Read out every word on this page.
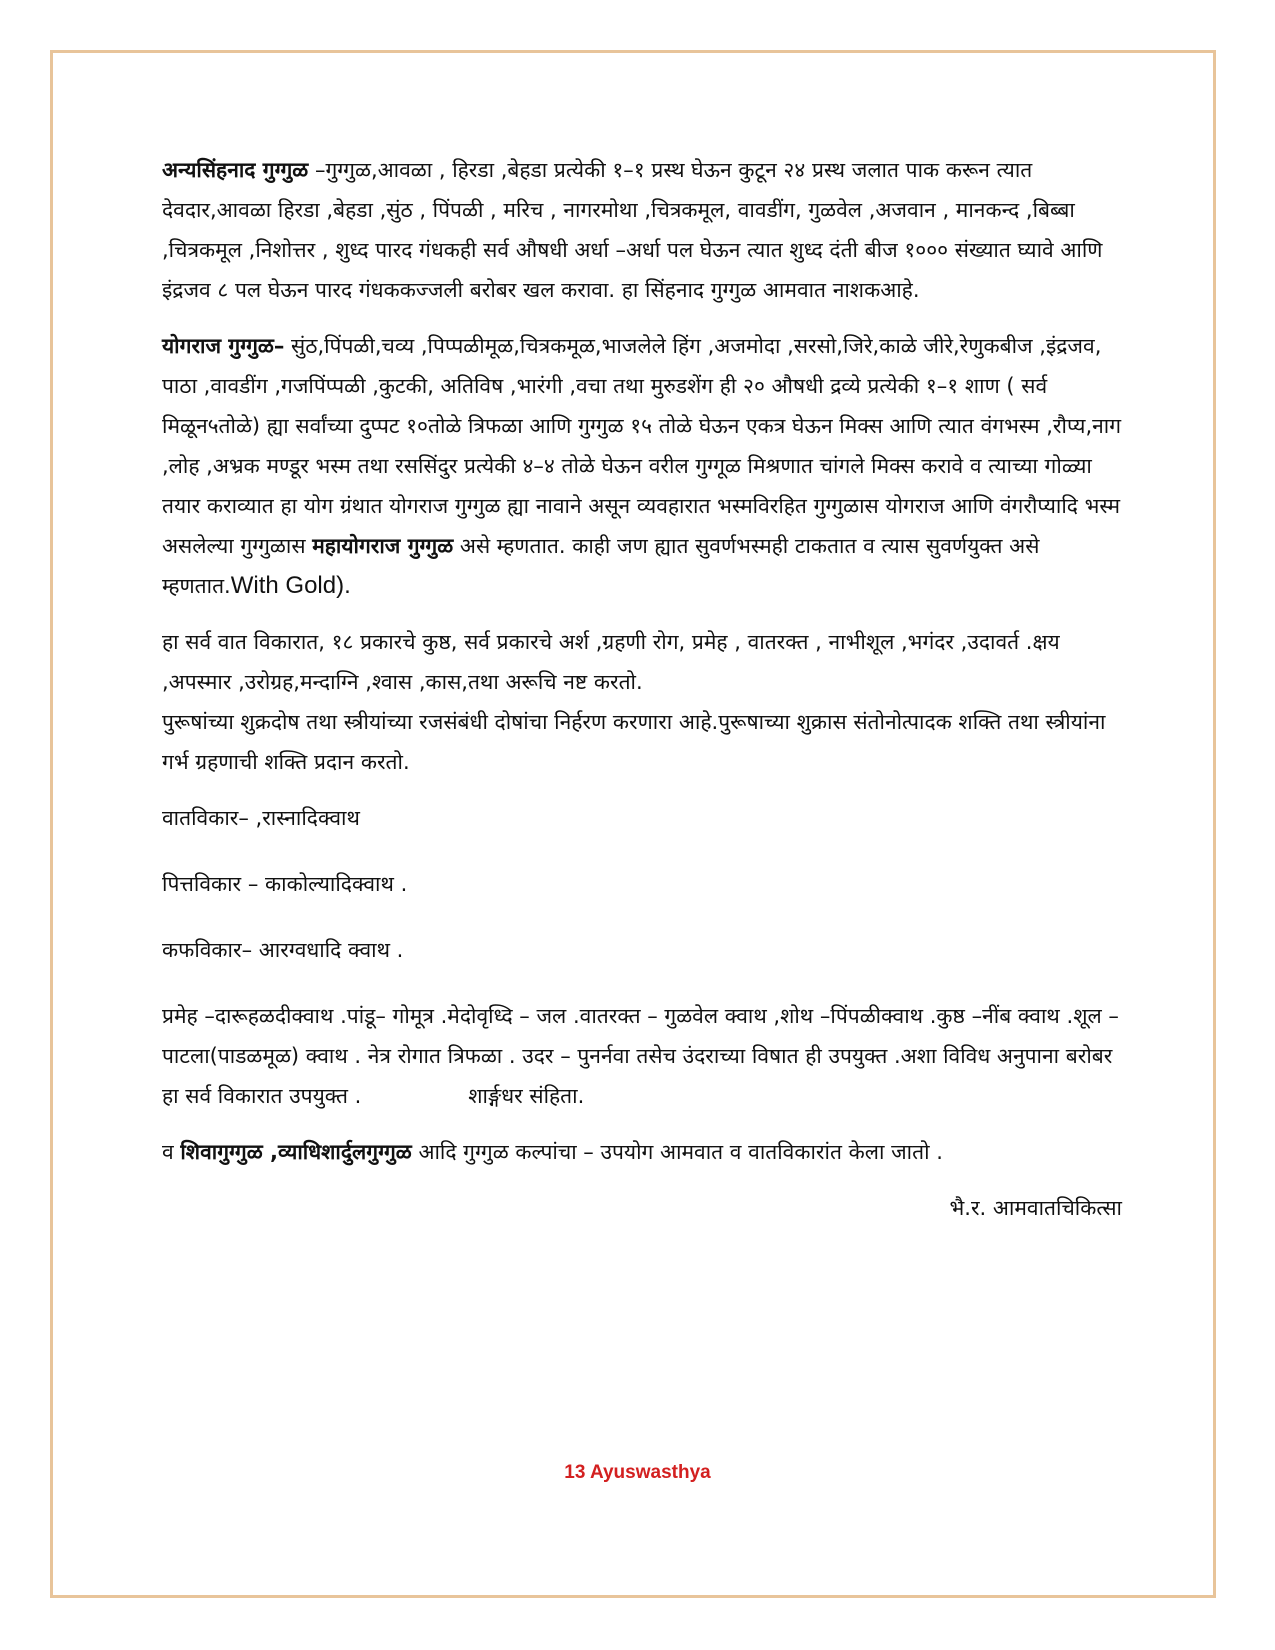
अन्यसिंहनाद गुग्गुळ –गुग्गुळ,आवळा , हिरडा ,बेहडा प्रत्येकी १–१ प्रस्थ घेऊन कुटून २४ प्रस्थ जलात पाक करून त्यात देवदार,आवळा हिरडा ,बेहडा ,सुंठ , पिंपळी , मरिच , नागरमोथा ,चित्रकमूल, वावडींग, गुळवेल ,अजवान , मानकन्द ,बिब्बा ,चित्रकमूल ,निशोत्तर , शुध्द पारद गंधकही सर्व औषधी अर्धा –अर्धा पल घेऊन त्यात शुध्द दंती बीज १००० संख्यात घ्यावे आणि इंद्रजव ८ पल घेऊन पारद गंधककज्जली बरोबर खल करावा. हा सिंहनाद गुग्गुळ आमवात नाशकआहे.

योगराज गुग्गुळ– सुंठ,पिंपळी,चव्य ,पिप्पळीमूळ,चित्रकमूळ,भाजलेले हिंग ,अजमोदा ,सरसो,जिरे,काळे जीरे,रेणुकबीज ,इंद्रजव, पाठा ,वावडींग ,गजपिंप्पळी ,कुटकी, अतिविष ,भारंगी ,वचा तथा मुरुडशेंग ही २० औषधी द्रव्ये प्रत्येकी १–१ शाण ( सर्व मिळून५तोळे) ह्या सर्वांच्या दुप्पट १०तोळे त्रिफळा आणि गुग्गुळ १५ तोळे घेऊन एकत्र घेऊन मिक्स आणि त्यात वंगभस्म ,रौप्य,नाग ,लोह ,अभ्रक मण्डूर भस्म तथा रससिंदुर प्रत्येकी ४–४ तोळे घेऊन वरील गुग्गूळ मिश्रणात चांगले मिक्स करावे व त्याच्या गोळ्या तयार कराव्यात हा योग ग्रंथात योगराज गुग्गुळ ह्या नावाने असून व्यवहारात भस्मविरहित गुग्गुळास योगराज आणि वंगरौप्यादि भस्म असलेल्या गुग्गुळास महायोगराज गुग्गुळ असे म्हणतात. काही जण ह्यात सुवर्णभस्मही टाकतात व त्यास सुवर्णयुक्त असे म्हणतात.With Gold).

हा सर्व वात विकारात, १८ प्रकारचे कुष्ठ, सर्व प्रकारचे अर्श ,ग्रहणी रोग, प्रमेह , वातरक्त , नाभीशूल ,भगंदर ,उदावर्त .क्षय ,अपस्मार ,उरोग्रह,मन्दाग्नि ,श्वास ,कास,तथा अरूचि नष्ट करतो.
पुरूषांच्या शुक्रदोष तथा स्त्रीयांच्या रजसंबंधी दोषांचा निर्हरण करणारा आहे.पुरूषाच्या शुक्रास संतोनोत्पादक शक्ति तथा स्त्रीयांना गर्भ ग्रहणाची शक्ति प्रदान करतो.

वातविकार– ,रास्नादिक्वाथ

पित्तविकार – काकोल्यादिक्वाथ .

कफविकार– आरग्वधादि क्वाथ .

प्रमेह –दारूहळदीक्वाथ .पांडू– गोमूत्र .मेदोवृध्दि – जल .वातरक्त – गुळवेल क्वाथ ,शोथ –पिंपळीक्वाथ .कुष्ठ –नींब क्वाथ .शूल –पाटला(पाडळमूळ) क्वाथ . नेत्र रोगात त्रिफळा . उदर – पुनर्नवा तसेच उंदराच्या विषात ही उपयुक्त .अशा विविध अनुपाना बरोबर हा सर्व विकारात उपयुक्त .	शार्ङ्गधर संहिता.

व शिवागुग्गुळ ,व्याधिशार्दुलगुग्गुळ आदि गुग्गुळ कल्पांचा – उपयोग आमवात व वातविकारांत केला जातो .

भै.र. आमवातचिकित्सा

13 Ayuswasthya
